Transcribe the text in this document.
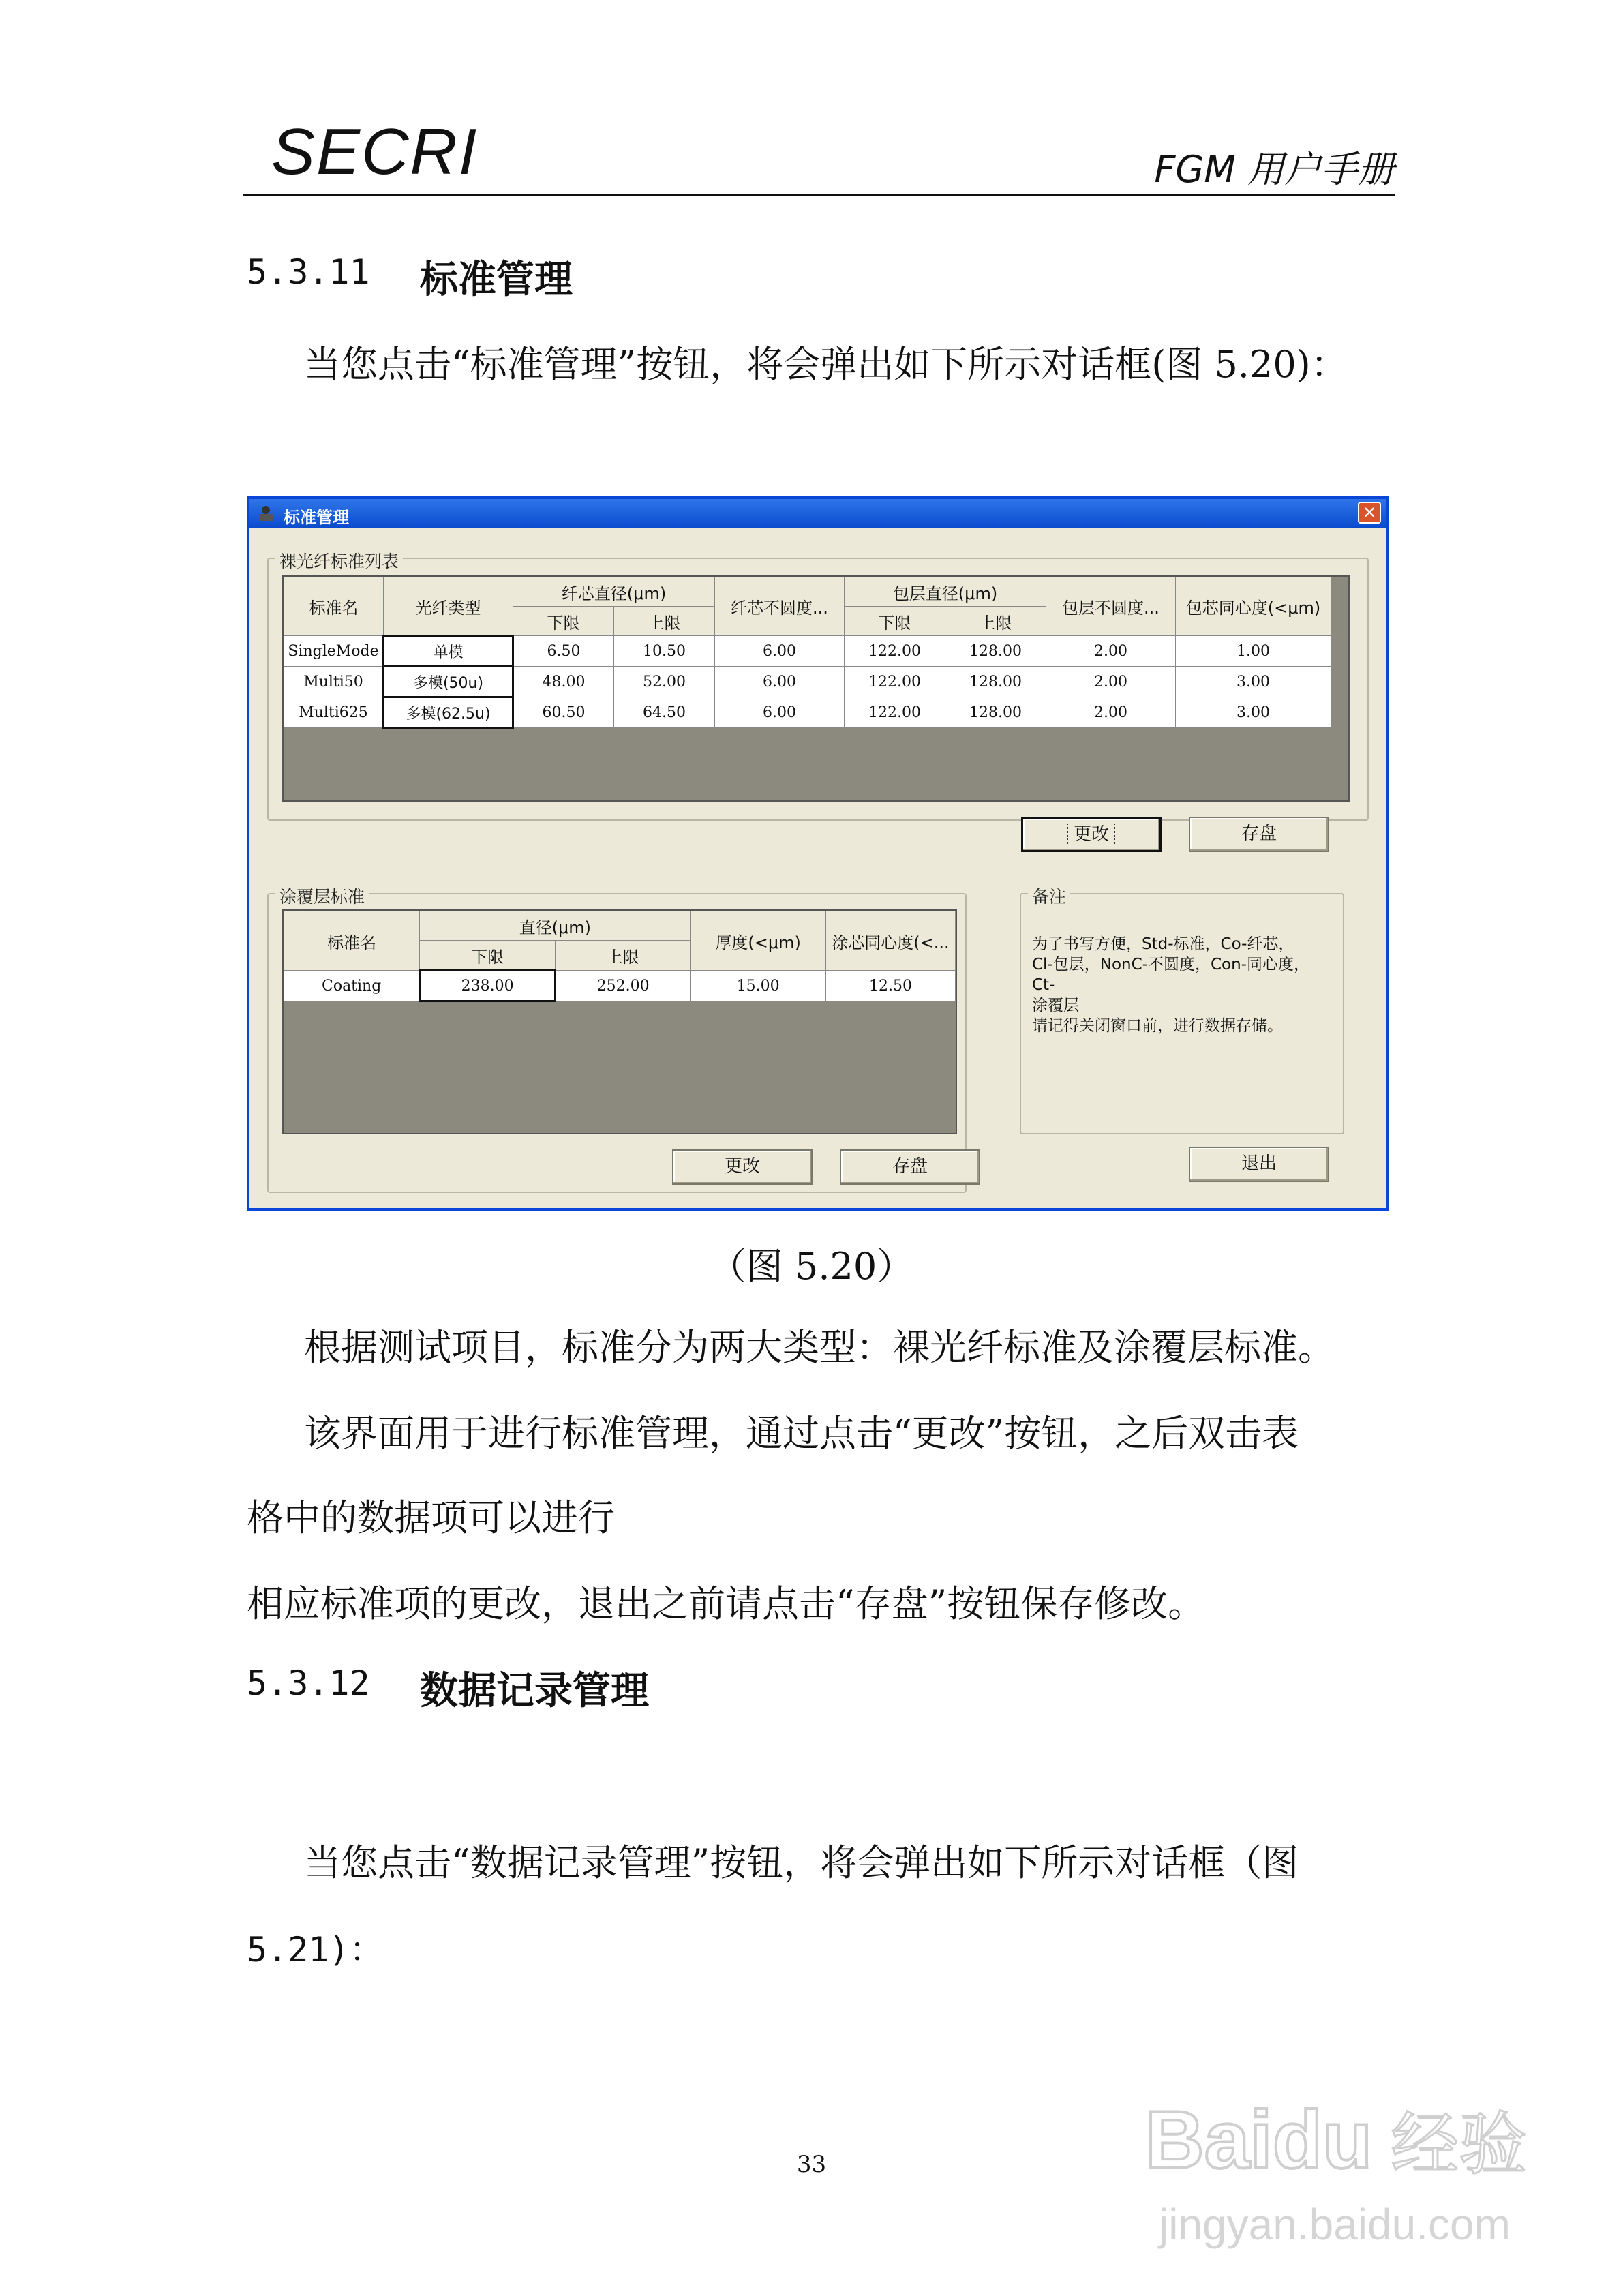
SECRI	FGM 用户手册
5.3.11 标准管理
当您点击“标准管理”按钮，将会弹出如下所示对话框(图 5.20)：
标准管理	✕
裸光纤标准列表
标准名	光纤类型	纤芯直径(μm)		纤芯不圆度...	包层直径(μm)		包层不圆度...	包芯同心度(<μm)
		下限	上限		下限	上限		
SingleMode	单模	6.50	10.50	6.00	122.00	128.00	2.00	1.00
Multi50	多模(50u)	48.00	52.00	6.00	122.00	128.00	2.00	3.00
Multi625	多模(62.5u)	60.50	64.50	6.00	122.00	128.00	2.00	3.00
更改	存盘
涂覆层标准
标准名	直径(μm)		厚度(<μm)	涂芯同心度(<...
	下限	上限		
Coating	238.00	252.00	15.00	12.50
更改	存盘
备注
为了书写方便，Std-标准，Co-纤芯，
Cl-包层，NonC-不圆度，Con-同心度，Ct-
涂覆层
请记得关闭窗口前，进行数据存储。
退出
（图 5.20）
根据测试项目，标准分为两大类型：裸光纤标准及涂覆层标准。
该界面用于进行标准管理，通过点击“更改”按钮，之后双击表
格中的数据项可以进行
相应标准项的更改，退出之前请点击“存盘”按钮保存修改。
5.3.12 数据记录管理
当您点击“数据记录管理”按钮，将会弹出如下所示对话框（图
5.21)：
33	Baidu 经验
jingyan.baidu.com
